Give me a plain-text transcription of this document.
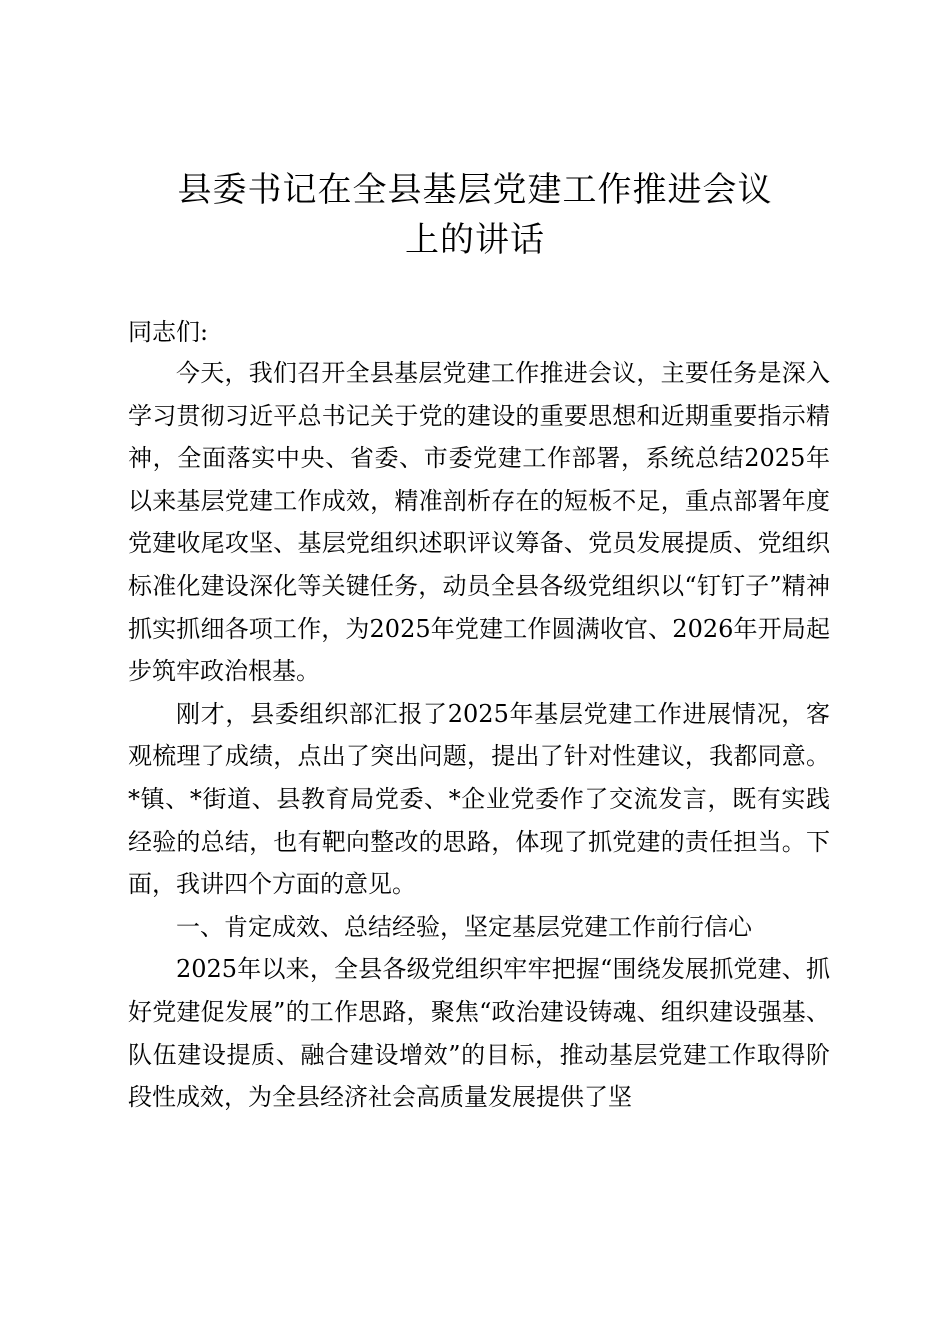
县委书记在全县基层党建工作推进会议
上的讲话
同志们:

今天，我们召开全县基层党建工作推进会议，主要任务是深入学习贯彻习近平总书记关于党的建设的重要思想和近期重要指示精神，全面落实中央、省委、市委党建工作部署，系统总结2025年以来基层党建工作成效，精准剖析存在的短板不足，重点部署年度党建收尾攻坚、基层党组织述职评议筹备、党员发展提质、党组织标准化建设深化等关键任务，动员全县各级党组织以“钉钉子”精神抓实抓细各项工作，为2025年党建工作圆满收官、2026年开局起步筑牢政治根基。

刚才，县委组织部汇报了2025年基层党建工作进展情况，客观梳理了成绩，点出了突出问题，提出了针对性建议，我都同意。*镇、*街道、县教育局党委、*企业党委作了交流发言，既有实践经验的总结，也有靶向整改的思路，体现了抓党建的责任担当。下面，我讲四个方面的意见。

一、肯定成效、总结经验，坚定基层党建工作前行信心

2025年以来，全县各级党组织牢牢把握“围绕发展抓党建、抓好党建促发展”的工作思路，聚焦“政治建设铸魂、组织建设强基、队伍建设提质、融合建设增效”的目标，推动基层党建工作取得阶段性成效，为全县经济社会高质量发展提供了坚
